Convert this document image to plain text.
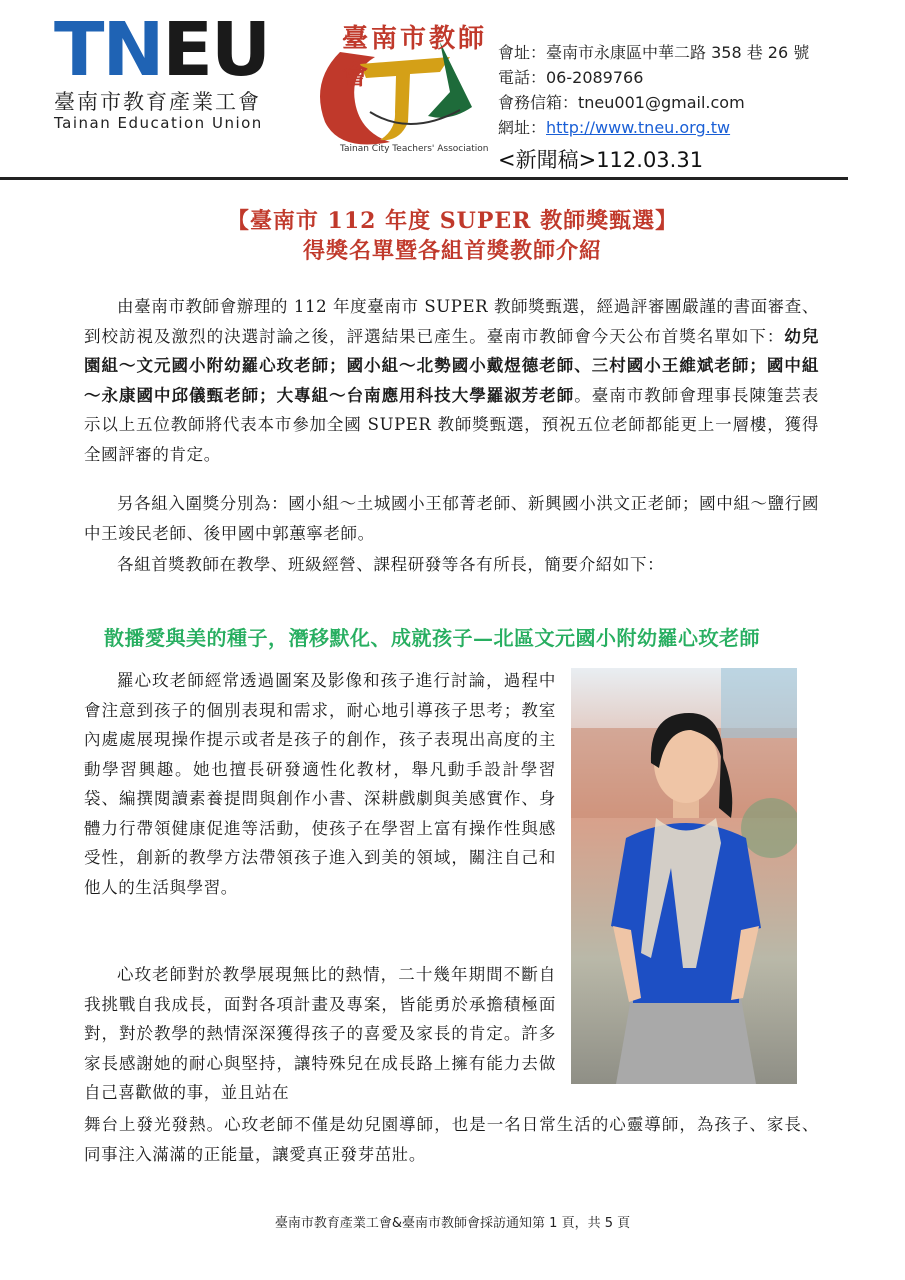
TNEU
臺南市教育產業工會
Tainan Education Union
臺南市教師會
Tainan City Teachers' Association
會址：臺南市永康區中華二路 358 巷 26 號
電話：06-2089766
會務信箱：tneu001@gmail.com
網址：http://www.tneu.org.tw
<新聞稿>112.03.31
【臺南市 112 年度 SUPER 教師獎甄選】
得獎名單暨各組首獎教師介紹
由臺南市教師會辦理的 112 年度臺南市 SUPER 教師獎甄選，經過評審團嚴謹的書面審查、到校訪視及激烈的決選討論之後，評選結果已產生。臺南市教師會今天公布首獎名單如下：幼兒園組～文元國小附幼羅心玫老師；國小組～北勢國小戴煜德老師、三村國小王維斌老師；國中組～永康國中邱儀甄老師；大專組～台南應用科技大學羅淑芳老師。臺南市教師會理事長陳箑芸表示以上五位教師將代表本市參加全國 SUPER 教師獎甄選，預祝五位老師都能更上一層樓，獲得全國評審的肯定。
另各組入圍獎分別為：國小組～土城國小王郁菁老師、新興國小洪文正老師；國中組～鹽行國中王竣民老師、後甲國中郭蕙寧老師。
各組首獎教師在教學、班級經營、課程研發等各有所長，簡要介紹如下：
散播愛與美的種子，潛移默化、成就孩子—北區文元國小附幼羅心玫老師
羅心玫老師經常透過圖案及影像和孩子進行討論，過程中會注意到孩子的個別表現和需求，耐心地引導孩子思考；教室內處處展現操作提示或者是孩子的創作，孩子表現出高度的主動學習興趣。她也擅長研發適性化教材，舉凡動手設計學習袋、編撰閱讀素養提問與創作小書、深耕戲劇與美感實作、身體力行帶領健康促進等活動，使孩子在學習上富有操作性與感受性，創新的教學方法帶領孩子進入到美的領域，關注自己和他人的生活與學習。
心玫老師對於教學展現無比的熱情，二十幾年期間不斷自我挑戰自我成長，面對各項計畫及專案，皆能勇於承擔積極面對，對於教學的熱情深深獲得孩子的喜愛及家長的肯定。許多家長感謝她的耐心與堅持，讓特殊兒在成長路上擁有能力去做自己喜歡做的事，並且站在
舞台上發光發熱。心玫老師不僅是幼兒園導師，也是一名日常生活的心靈導師，為孩子、家長、同事注入滿滿的正能量，讓愛真正發芽茁壯。
臺南市教育產業工會&臺南市教師會採訪通知第 1 頁，共 5 頁
